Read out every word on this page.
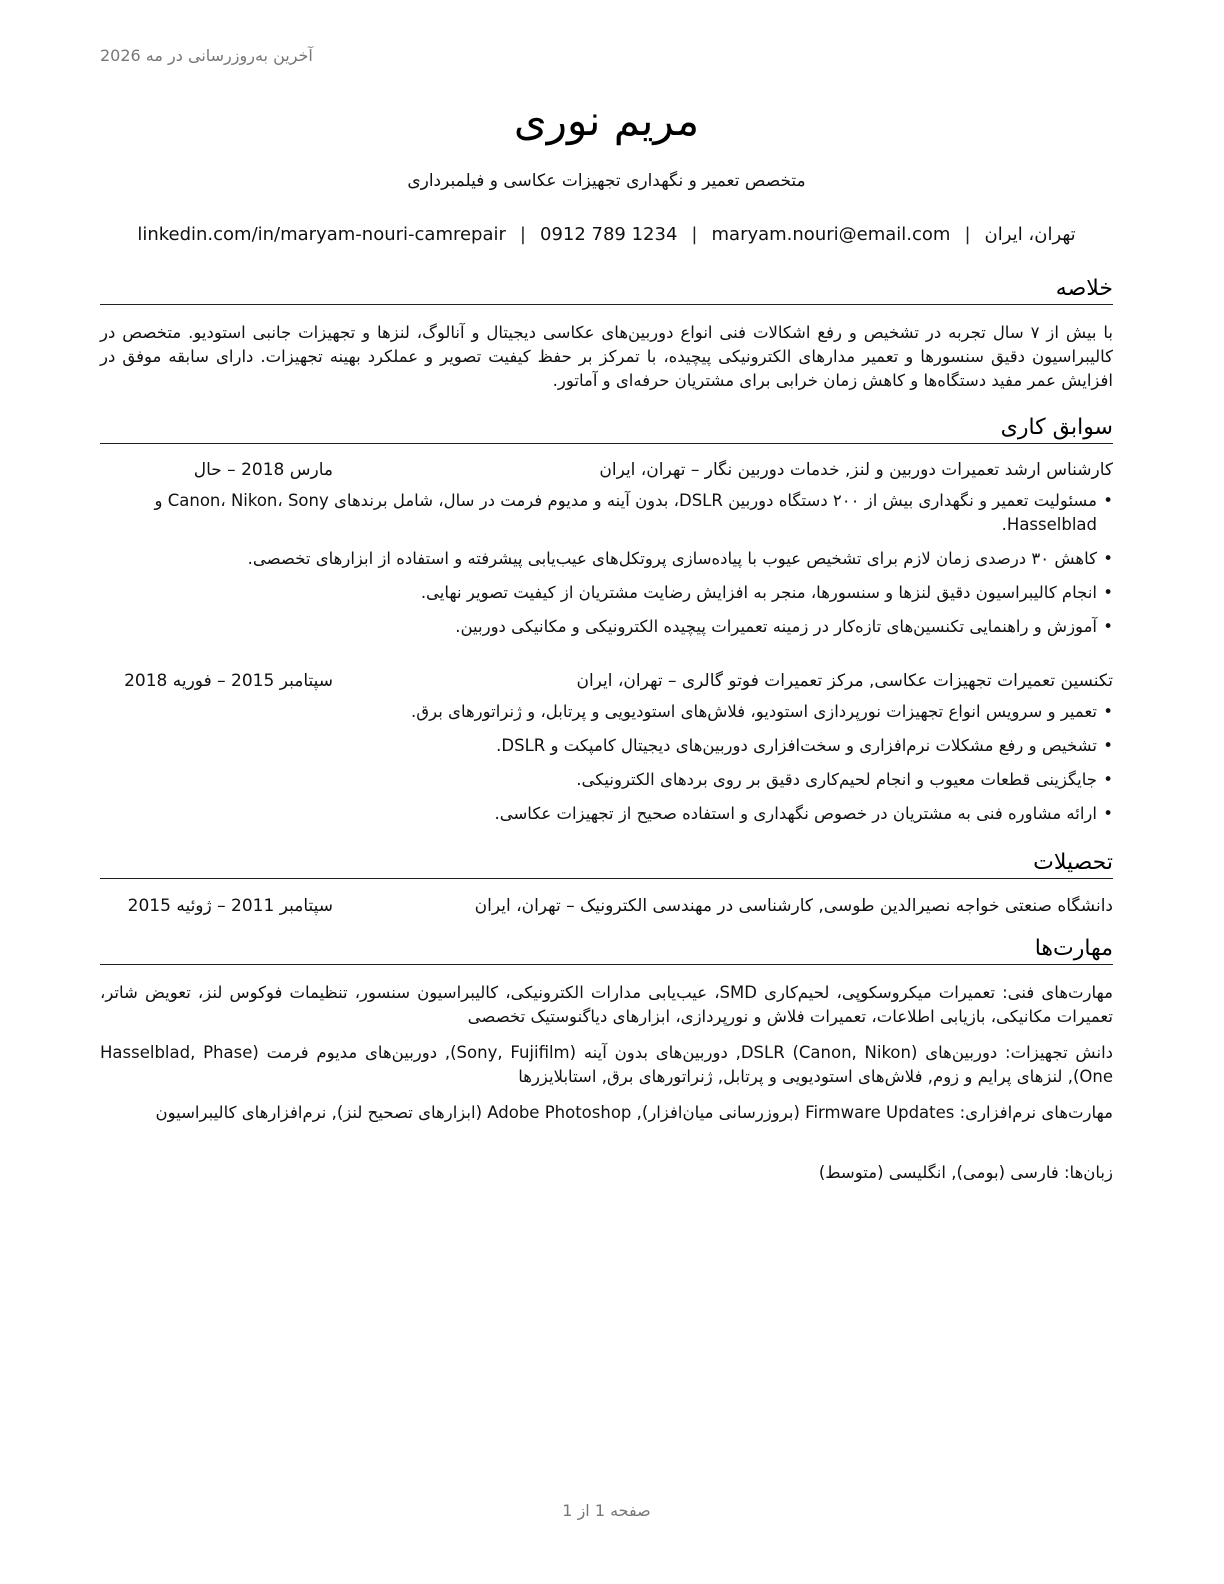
آخرین به‌روزرسانی در مه 2026
مریم نوری
متخصص تعمیر و نگهداری تجهیزات عکاسی و فیلمبرداری
تهران، ایران|maryam.nouri@email.com|0912 789 1234|linkedin.com/in/maryam-nouri-camrepair
خلاصه
با بیش از ۷ سال تجربه در تشخیص و رفع اشکالات فنی انواع دوربین‌های عکاسی دیجیتال و آنالوگ، لنزها و تجهیزات جانبی استودیو. متخصص در کالیبراسیون دقیق سنسورها و تعمیر مدارهای الکترونیکی پیچیده، با تمرکز بر حفظ کیفیت تصویر و عملکرد بهینه تجهیزات. دارای سابقه موفق در افزایش عمر مفید دستگاه‌ها و کاهش زمان خرابی برای مشتریان حرفه‌ای و آماتور.
سوابق کاری
کارشناس ارشد تعمیرات دوربین و لنز, خدمات دوربین نگار – تهران، ایران
مارس 2018 – حال
• مسئولیت تعمیر و نگهداری بیش از ۲۰۰ دستگاه دوربین DSLR، بدون آینه و مدیوم فرمت در سال، شامل برندهای Canon، Nikon، Sony و Hasselblad.
• کاهش ۳۰ درصدی زمان لازم برای تشخیص عیوب با پیاده‌سازی پروتکل‌های عیب‌یابی پیشرفته و استفاده از ابزارهای تخصصی.
• انجام کالیبراسیون دقیق لنزها و سنسورها، منجر به افزایش رضایت مشتریان از کیفیت تصویر نهایی.
• آموزش و راهنمایی تکنسین‌های تازه‌کار در زمینه تعمیرات پیچیده الکترونیکی و مکانیکی دوربین.
تکنسین تعمیرات تجهیزات عکاسی, مرکز تعمیرات فوتو گالری – تهران، ایران
سپتامبر 2015 – فوریه 2018
• تعمیر و سرویس انواع تجهیزات نورپردازی استودیو، فلاش‌های استودیویی و پرتابل، و ژنراتورهای برق.
• تشخیص و رفع مشکلات نرم‌افزاری و سخت‌افزاری دوربین‌های دیجیتال کامپکت و DSLR.
• جایگزینی قطعات معیوب و انجام لحیم‌کاری دقیق بر روی بردهای الکترونیکی.
• ارائه مشاوره فنی به مشتریان در خصوص نگهداری و استفاده صحیح از تجهیزات عکاسی.
تحصیلات
دانشگاه صنعتی خواجه نصیرالدین طوسی, کارشناسی در مهندسی الکترونیک – تهران، ایران
سپتامبر 2011 – ژوئیه 2015
مهارت‌ها
مهارت‌های فنی: تعمیرات میکروسکوپی، لحیم‌کاری SMD، عیب‌یابی مدارات الکترونیکی، کالیبراسیون سنسور، تنظیمات فوکوس لنز، تعویض شاتر، تعمیرات مکانیکی، بازیابی اطلاعات، تعمیرات فلاش و نورپردازی، ابزارهای دیاگنوستیک تخصصی
دانش تجهیزات: دوربین‌های DSLR (Canon, Nikon), دوربین‌های بدون آینه (Sony, Fujifilm), دوربین‌های مدیوم فرمت (Hasselblad, Phase One), لنزهای پرایم و زوم, فلاش‌های استودیویی و پرتابل, ژنراتورهای برق, استابلایزرها
مهارت‌های نرم‌افزاری: Firmware Updates (بروزرسانی میان‌افزار), Adobe Photoshop (ابزارهای تصحیح لنز), نرم‌افزارهای کالیبراسیون
زبان‌ها: فارسی (بومی), انگلیسی (متوسط)
صفحه 1 از 1
